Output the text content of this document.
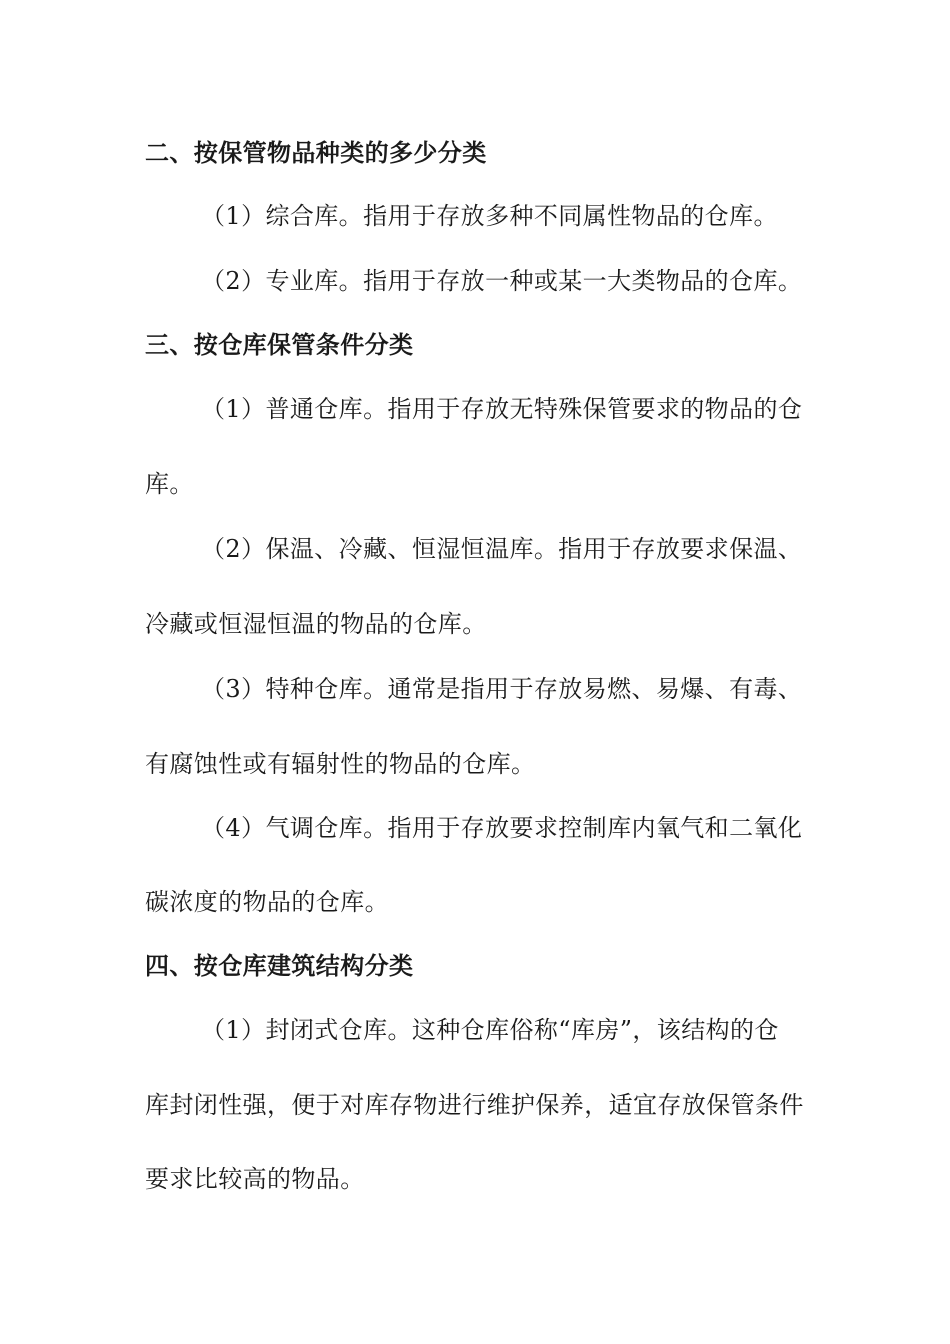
二、按保管物品种类的多少分类
（1）综合库。指用于存放多种不同属性物品的仓库。
（2）专业库。指用于存放一种或某一大类物品的仓库。
三、按仓库保管条件分类
（1）普通仓库。指用于存放无特殊保管要求的物品的仓
库。
（2）保温、冷藏、恒湿恒温库。指用于存放要求保温、
冷藏或恒湿恒温的物品的仓库。
（3）特种仓库。通常是指用于存放易燃、易爆、有毒、
有腐蚀性或有辐射性的物品的仓库。
（4）气调仓库。指用于存放要求控制库内氧气和二氧化
碳浓度的物品的仓库。
四、按仓库建筑结构分类
（1）封闭式仓库。这种仓库俗称“库房”，该结构的仓
库封闭性强，便于对库存物进行维护保养，适宜存放保管条件
要求比较高的物品。
